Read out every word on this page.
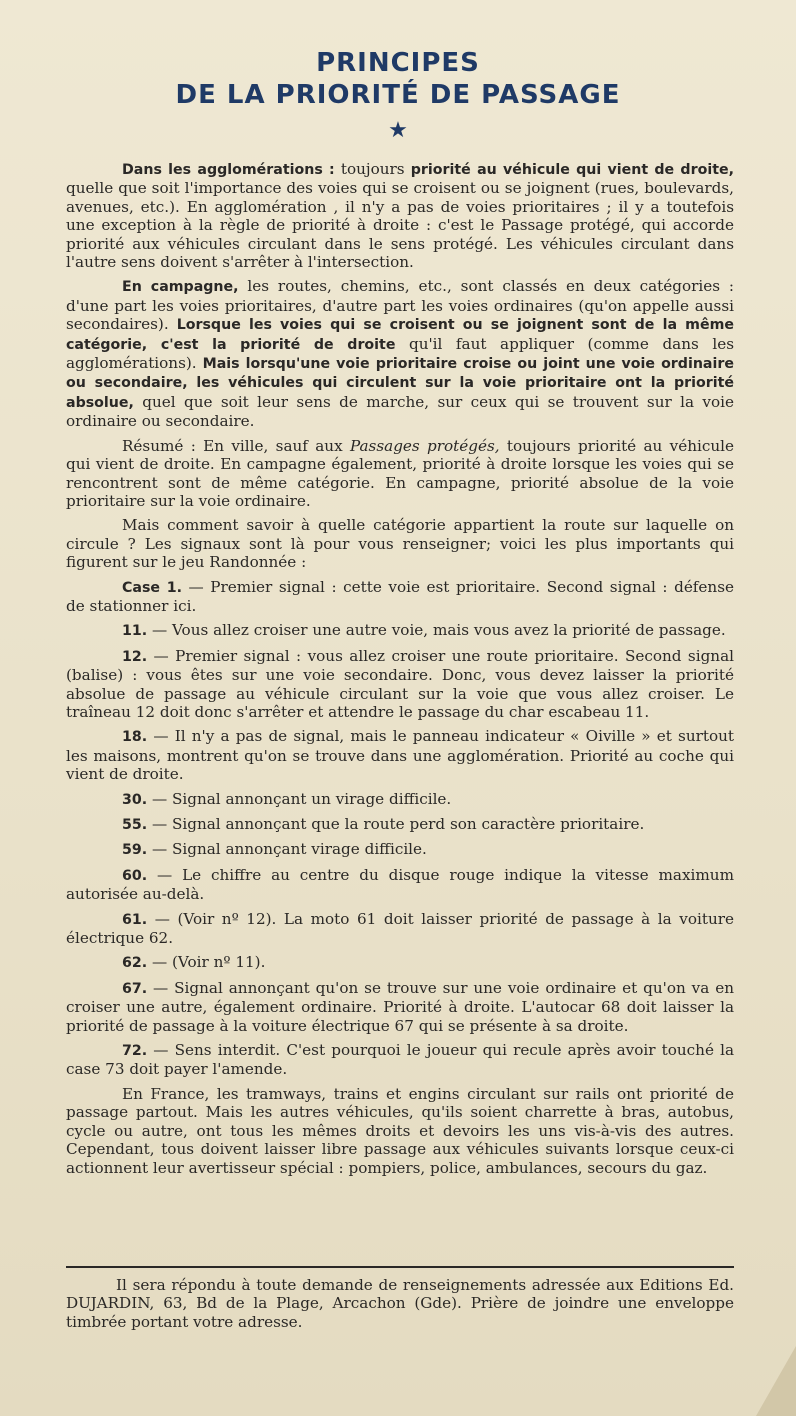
PRINCIPES
DE LA PRIORITÉ DE PASSAGE
★

Dans les agglomérations : toujours priorité au véhicule qui vient de droite, quelle que soit l'importance des voies qui se croisent ou se joignent (rues, boulevards, avenues, etc.). En agglomération , il n'y a pas de voies prioritaires ; il y a toutefois une exception à la règle de priorité à droite : c'est le Passage protégé, qui accorde priorité aux véhicules circulant dans le sens protégé. Les véhicules circulant dans l'autre sens doivent s'arrêter à l'intersection.

En campagne, les routes, chemins, etc., sont classés en deux catégories : d'une part les voies prioritaires, d'autre part les voies ordinaires (qu'on appelle aussi secondaires). Lorsque les voies qui se croisent ou se joignent sont de la même catégorie, c'est la priorité de droite qu'il faut appliquer (comme dans les agglomérations). Mais lorsqu'une voie prioritaire croise ou joint une voie ordinaire ou secondaire, les véhicules qui circulent sur la voie prioritaire ont la priorité absolue, quel que soit leur sens de marche, sur ceux qui se trouvent sur la voie ordinaire ou secondaire.

Résumé : En ville, sauf aux Passages protégés, toujours priorité au véhicule qui vient de droite. En campagne également, priorité à droite lorsque les voies qui se rencontrent sont de même catégorie. En campagne, priorité absolue de la voie prioritaire sur la voie ordinaire.

Mais comment savoir à quelle catégorie appartient la route sur laquelle on circule ? Les signaux sont là pour vous renseigner; voici les plus importants qui figurent sur le jeu Randonnée :

Case 1. — Premier signal : cette voie est prioritaire. Second signal : défense de stationner ici.

11. — Vous allez croiser une autre voie, mais vous avez la priorité de passage.

12. — Premier signal : vous allez croiser une route prioritaire. Second signal (balise) : vous êtes sur une voie secondaire. Donc, vous devez laisser la priorité absolue de passage au véhicule circulant sur la voie que vous allez croiser. Le traîneau 12 doit donc s'arrêter et attendre le passage du char escabeau 11.

18. — Il n'y a pas de signal, mais le panneau indicateur « Oiville » et surtout les maisons, montrent qu'on se trouve dans une agglomération. Priorité au coche qui vient de droite.

30. — Signal annonçant un virage difficile.

55. — Signal annonçant que la route perd son caractère prioritaire.

59. — Signal annonçant virage difficile.

60. — Le chiffre au centre du disque rouge indique la vitesse maximum autorisée au-delà.

61. — (Voir nº 12). La moto 61 doit laisser priorité de passage à la voiture électrique 62.

62. — (Voir nº 11).

67. — Signal annonçant qu'on se trouve sur une voie ordinaire et qu'on va en croiser une autre, également ordinaire. Priorité à droite. L'autocar 68 doit laisser la priorité de passage à la voiture électrique 67 qui se présente à sa droite.

72. — Sens interdit. C'est pourquoi le joueur qui recule après avoir touché la case 73 doit payer l'amende.

En France, les tramways, trains et engins circulant sur rails ont priorité de passage partout. Mais les autres véhicules, qu'ils soient charrette à bras, autobus, cycle ou autre, ont tous les mêmes droits et devoirs les uns vis-à-vis des autres. Cependant, tous doivent laisser libre passage aux véhicules suivants lorsque ceux-ci actionnent leur avertisseur spécial : pompiers, police, ambulances, secours du gaz.

Il sera répondu à toute demande de renseignements adressée aux Editions Ed. DUJARDIN, 63, Bd de la Plage, Arcachon (Gde). Prière de joindre une enveloppe timbrée portant votre adresse.
